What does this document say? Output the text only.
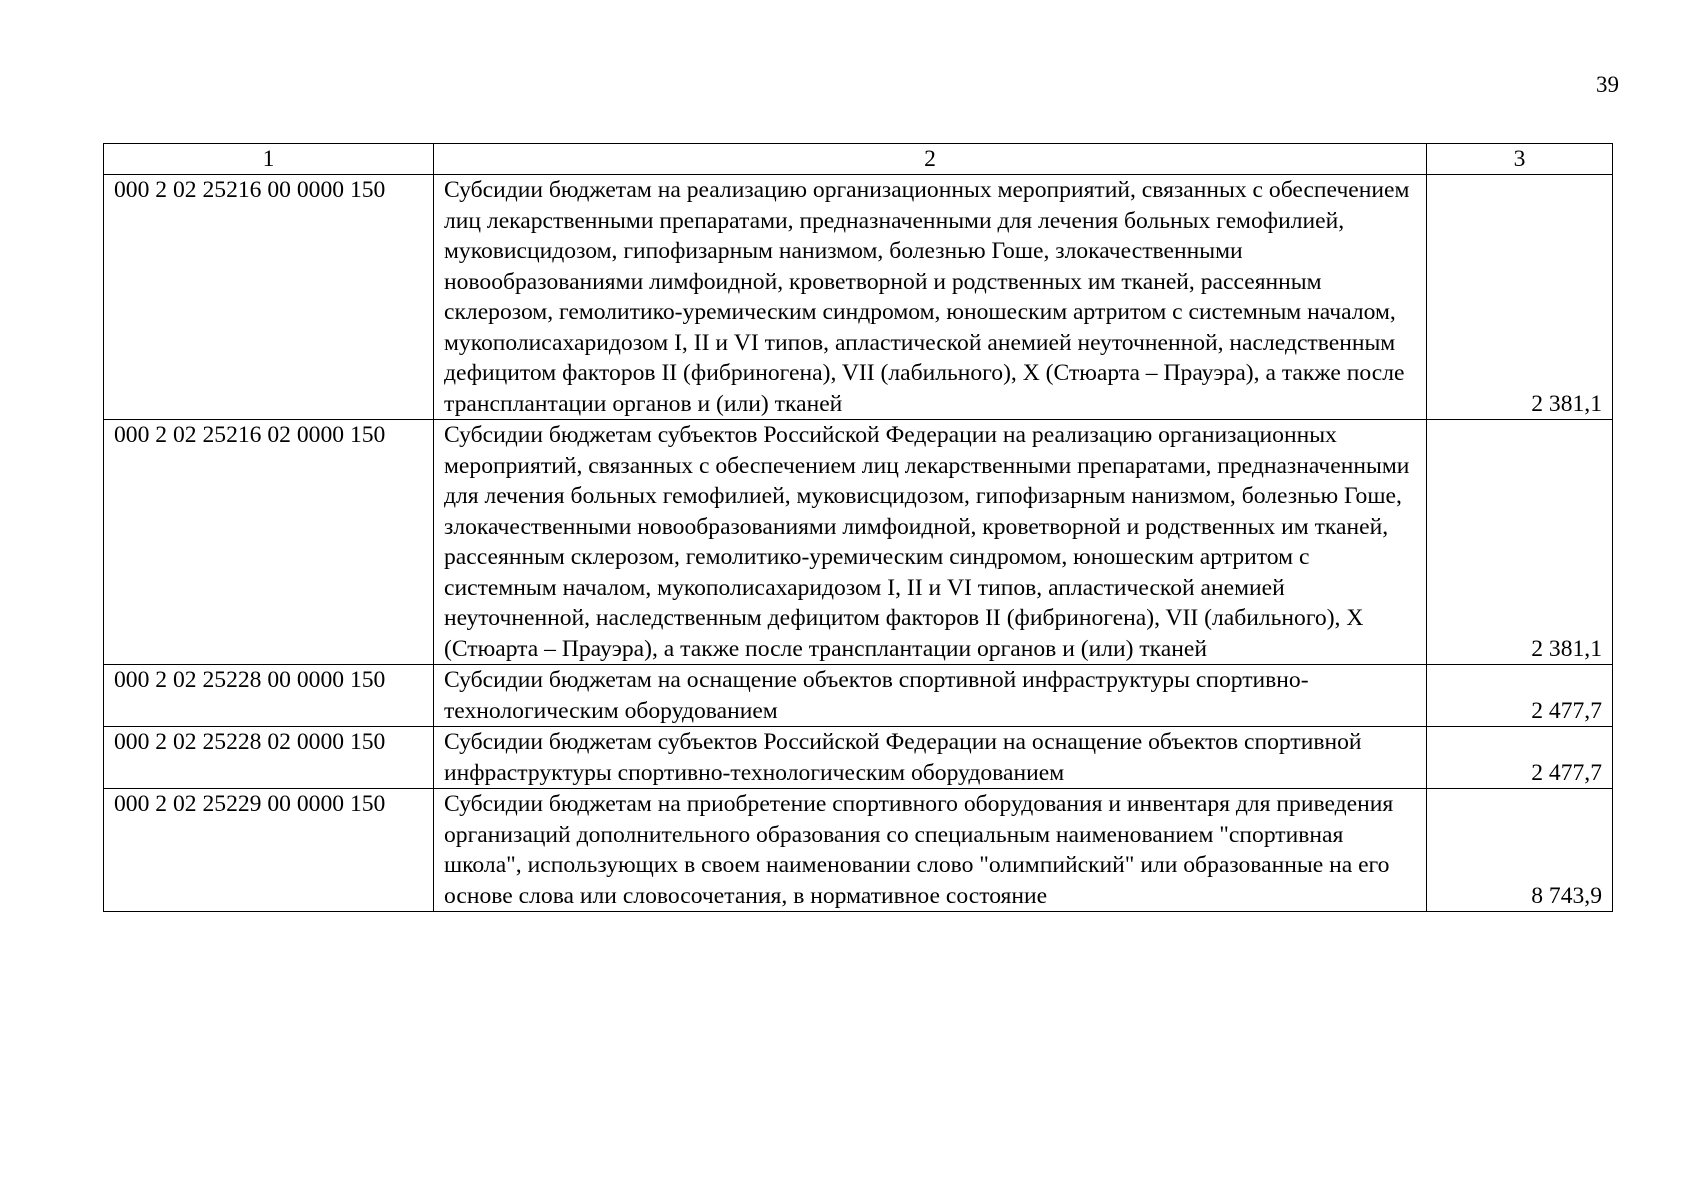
39
1	2	3
000 2 02 25216 00 0000 150	Субсидии бюджетам на реализацию организационных мероприятий, связанных с обеспечением лиц лекарственными препаратами, предназначенными для лечения больных гемофилией, муковисцидозом, гипофизарным нанизмом, болезнью Гоше, злокачественными новообразованиями лимфоидной, кроветворной и родственных им тканей, рассеянным склерозом, гемолитико-уремическим синдромом, юношеским артритом с системным началом, мукополисахаридозом I, II и VI типов, апластической анемией неуточненной, наследственным дефицитом факторов II (фибриногена), VII (лабильного), X (Стюарта – Прауэра), а также после трансплантации органов и (или) тканей	2 381,1
000 2 02 25216 02 0000 150	Субсидии бюджетам субъектов Российской Федерации на реализацию организационных мероприятий, связанных с обеспечением лиц лекарственными препаратами, предназначенными для лечения больных гемофилией, муковисцидозом, гипофизарным нанизмом, болезнью Гоше, злокачественными новообразованиями лимфоидной, кроветворной и родственных им тканей, рассеянным склерозом, гемолитико-уремическим синдромом, юношеским артритом с системным началом, мукополисахаридозом I, II и VI типов, апластической анемией неуточненной, наследственным дефицитом факторов II (фибриногена), VII (лабильного), X (Стюарта – Прауэра), а также после трансплантации органов и (или) тканей	2 381,1
000 2 02 25228 00 0000 150	Субсидии бюджетам на оснащение объектов спортивной инфраструктуры спортивно-технологическим оборудованием	2 477,7
000 2 02 25228 02 0000 150	Субсидии бюджетам субъектов Российской Федерации на оснащение объектов спортивной инфраструктуры спортивно-технологическим оборудованием	2 477,7
000 2 02 25229 00 0000 150	Субсидии бюджетам на приобретение спортивного оборудования и инвентаря для приведения организаций дополнительного образования со специальным наименованием "спортивная школа", использующих в своем наименовании слово "олимпийский" или образованные на его основе слова или словосочетания, в нормативное состояние	8 743,9
